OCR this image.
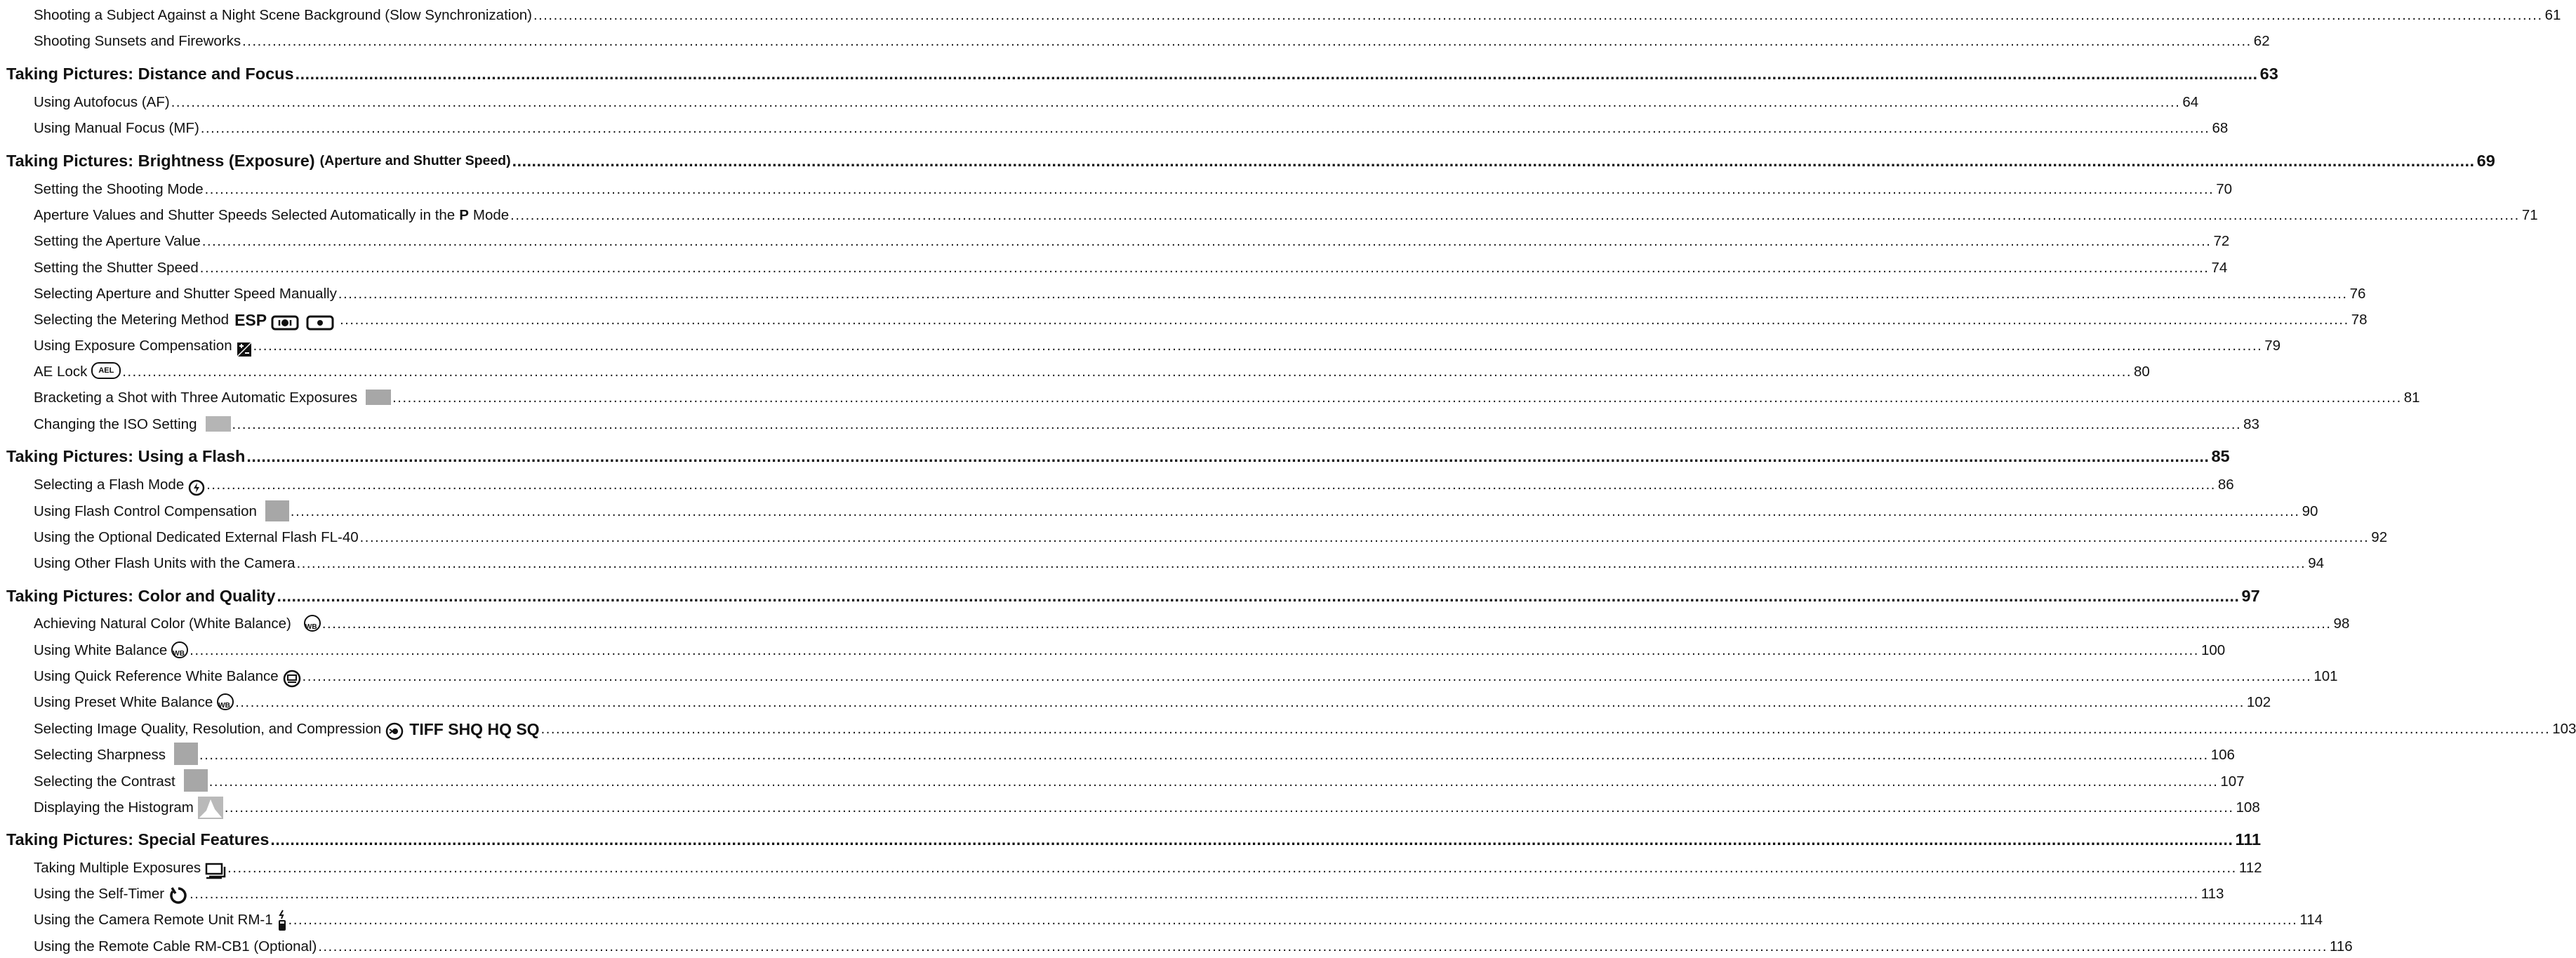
Shooting a Subject Against a Night Scene Background (Slow Synchronization) ................................................................................................................................................................................................................................................................................................................................................................................................................ 61
Shooting Sunsets and Fireworks ................................................................................................................................................................................................................................................................................................................................................................................................................ 62
Taking Pictures: Distance and Focus ................................................................................................................................................................................................................................................................................................................................................................................................................ 63
Using Autofocus (AF) ................................................................................................................................................................................................................................................................................................................................................................................................................ 64
Using Manual Focus (MF) ................................................................................................................................................................................................................................................................................................................................................................................................................ 68
Taking Pictures: Brightness (Exposure) (Aperture and Shutter Speed) ................................................................................................................................................................................................................................................................................................................................................................................................................ 69
Setting the Shooting Mode ................................................................................................................................................................................................................................................................................................................................................................................................................ 70
Aperture Values and Shutter Speeds Selected Automatically in the P Mode ................................................................................................................................................................................................................................................................................................................................................................................................................ 71
Setting the Aperture Value ................................................................................................................................................................................................................................................................................................................................................................................................................ 72
Setting the Shutter Speed ................................................................................................................................................................................................................................................................................................................................................................................................................ 74
Selecting Aperture and Shutter Speed Manually ................................................................................................................................................................................................................................................................................................................................................................................................................ 76
Selecting the Metering Method ESP	................................................................................................................................................................................................................................................................................................................................................................................................................ 78
Using Exposure Compensation ................................................................................................................................................................................................................................................................................................................................................................................................................ 79
AE Lock	AEL ................................................................................................................................................................................................................................................................................................................................................................................................................ 80
Bracketing a Shot with Three Automatic Exposures	................................................................................................................................................................................................................................................................................................................................................................................................................ 81
Changing the ISO Setting	................................................................................................................................................................................................................................................................................................................................................................................................................ 83
Taking Pictures: Using a Flash ................................................................................................................................................................................................................................................................................................................................................................................................................ 85
Selecting a Flash Mode ................................................................................................................................................................................................................................................................................................................................................................................................................ 86
Using Flash Control Compensation ................................................................................................................................................................................................................................................................................................................................................................................................................ 90
Using the Optional Dedicated External Flash FL-40 ................................................................................................................................................................................................................................................................................................................................................................................................................ 92
Using Other Flash Units with the Camera ................................................................................................................................................................................................................................................................................................................................................................................................................ 94
Taking Pictures: Color and Quality ................................................................................................................................................................................................................................................................................................................................................................................................................ 97
Achieving Natural Color (White Balance) WB ................................................................................................................................................................................................................................................................................................................................................................................................................ 98
Using White Balance WB ................................................................................................................................................................................................................................................................................................................................................................................................................ 100
Using Quick Reference White Balance ................................................................................................................................................................................................................................................................................................................................................................................................................ 101
Using Preset White Balance WB ................................................................................................................................................................................................................................................................................................................................................................................................................ 102
Selecting Image Quality, Resolution, and Compression TIFF SHQ HQ SQ ................................................................................................................................................................................................................................................................................................................................................................................................................ 103
Selecting Sharpness ................................................................................................................................................................................................................................................................................................................................................................................................................ 106
Selecting the Contrast ................................................................................................................................................................................................................................................................................................................................................................................................................ 107
Displaying the Histogram ................................................................................................................................................................................................................................................................................................................................................................................................................ 108
Taking Pictures: Special Features ................................................................................................................................................................................................................................................................................................................................................................................................................ 111
Taking Multiple Exposures ................................................................................................................................................................................................................................................................................................................................................................................................................ 112
Using the Self-Timer ................................................................................................................................................................................................................................................................................................................................................................................................................ 113
Using the Camera Remote Unit RM-1 ................................................................................................................................................................................................................................................................................................................................................................................................................ 114
Using the Remote Cable RM-CB1 (Optional) ................................................................................................................................................................................................................................................................................................................................................................................................................ 116
